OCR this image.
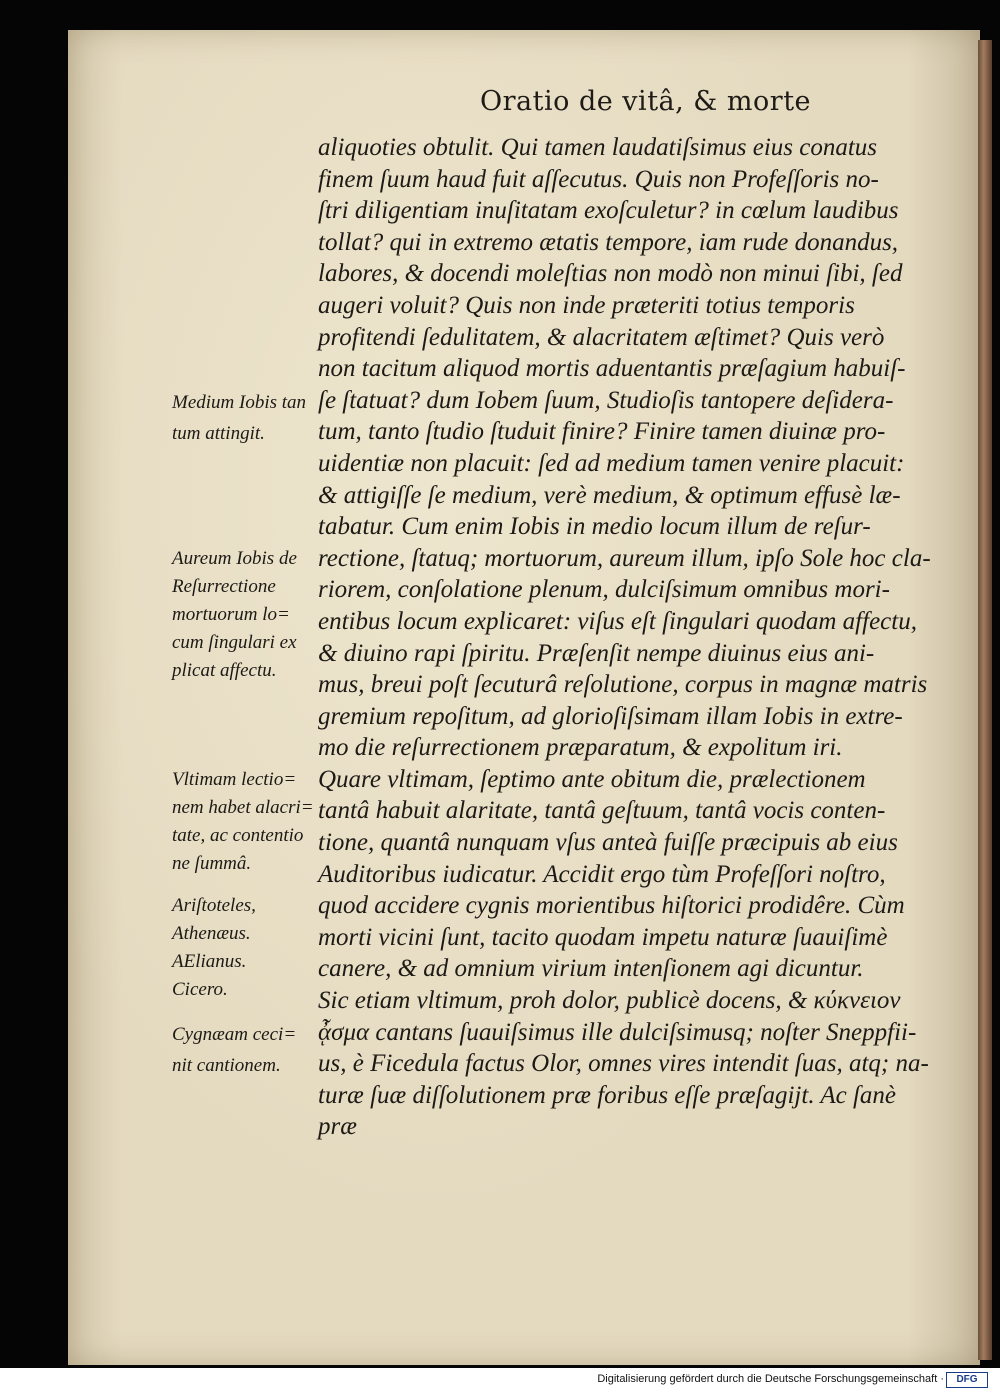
Oratio de vitâ, & morte
aliquoties obtulit. Qui tamen laudatiſsimus eius conatus
finem ſuum haud fuit aſſecutus. Quis non Profeſſoris no-
ſtri diligentiam inuſitatam exoſculetur? in cœlum laudibus
tollat? qui in extremo ætatis tempore, iam rude donandus,
labores, & docendi moleſtias non modò non minui ſibi, ſed
augeri voluit? Quis non inde præteriti totius temporis
profitendi ſedulitatem, & alacritatem æſtimet? Quis verò
non tacitum aliquod mortis aduentantis præſagium habuiſ-
ſe ſtatuat? dum Iobem ſuum, Studioſis tantopere deſidera-
tum, tanto ſtudio ſtuduit finire? Finire tamen diuinæ pro-
uidentiæ non placuit: ſed ad medium tamen venire placuit:
& attigiſſe ſe medium, verè medium, & optimum effusè læ-
tabatur. Cum enim Iobis in medio locum illum de reſur-
rectione, ſtatuq; mortuorum, aureum illum, ipſo Sole hoc cla-
riorem, conſolatione plenum, dulciſsimum omnibus mori-
entibus locum explicaret: viſus eſt ſingulari quodam affectu,
& diuino rapi ſpiritu. Præſenſit nempe diuinus eius ani-
mus, breui poſt ſecuturâ reſolutione, corpus in magnæ matris
gremium repoſitum, ad glorioſiſsimam illam Iobis in extre-
mo die reſurrectionem præparatum, & expolitum iri.
Quare vltimam, ſeptimo ante obitum die, prælectionem
tantâ habuit alaritate, tantâ geſtuum, tantâ vocis conten-
tione, quantâ nunquam vſus anteà fuiſſe præcipuis ab eius
Auditoribus iudicatur. Accidit ergo tùm Profeſſori noſtro,
quod accidere cygnis morientibus hiſtorici prodidêre. Cùm
morti vicini ſunt, tacito quodam impetu naturæ ſuauiſimè
canere, & ad omnium virium intenſionem agi dicuntur.
Sic etiam vltimum, proh dolor, publicè docens, & κύκνειον
ᾆσμα cantans ſuauiſsimus ille dulciſsimusq; noſter Sneppfii-
us, è Ficedula factus Olor, omnes vires intendit ſuas, atq; na-
turæ ſuæ diſſolutionem præ foribus eſſe præſagijt. Ac ſanè
præ
Medium Iobis tan
tum attingit.
Aureum Iobis de
Reſurrectione
mortuorum lo=
cum ſingulari ex
plicat affectu.
Vltimam lectio=
nem habet alacri=
tate, ac contentio
ne ſummâ.
Ariſtoteles,
Athenæus.
AElianus.
Cicero.
Cygnæam ceci=
nit cantionem.
Digitalisierung gefördert durch die Deutsche Forschungsgemeinschaft ·	DFG
